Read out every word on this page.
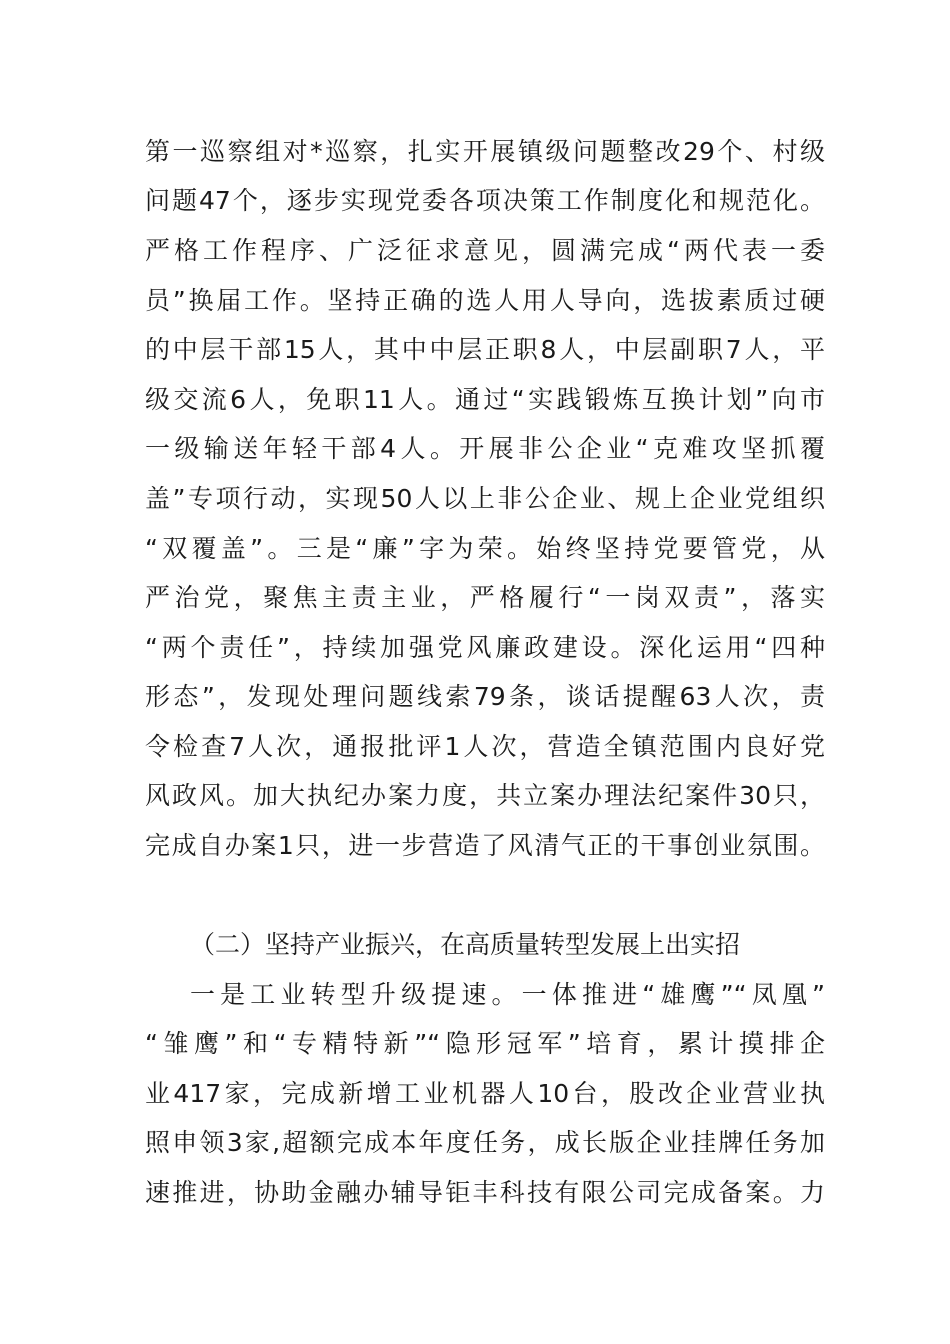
第一巡察组对*巡察，扎实开展镇级问题整改29个、村级
问题47个，逐步实现党委各项决策工作制度化和规范化。
严格工作程序、广泛征求意见，圆满完成“两代表一委
员”换届工作。坚持正确的选人用人导向，选拔素质过硬
的中层干部15人，其中中层正职8人，中层副职7人，平
级交流6人，免职11人。通过“实践锻炼互换计划”向市
一级输送年轻干部4人。开展非公企业“克难攻坚抓覆
盖”专项行动，实现50人以上非公企业、规上企业党组织
“双覆盖”。三是“廉”字为荣。始终坚持党要管党，从
严治党，聚焦主责主业，严格履行“一岗双责”，落实
“两个责任”，持续加强党风廉政建设。深化运用“四种
形态”，发现处理问题线索79条，谈话提醒63人次，责
令检查7人次，通报批评1人次，营造全镇范围内良好党
风政风。加大执纪办案力度，共立案办理法纪案件30只，
完成自办案1只，进一步营造了风清气正的干事创业氛围。
（二）坚持产业振兴，在高质量转型发展上出实招
一是工业转型升级提速。一体推进“雄鹰”“凤凰”
“雏鹰”和“专精特新”“隐形冠军”培育，累计摸排企
业417家，完成新增工业机器人10台，股改企业营业执
照申领3家,超额完成本年度任务，成长版企业挂牌任务加
速推进，协助金融办辅导钜丰科技有限公司完成备案。力
